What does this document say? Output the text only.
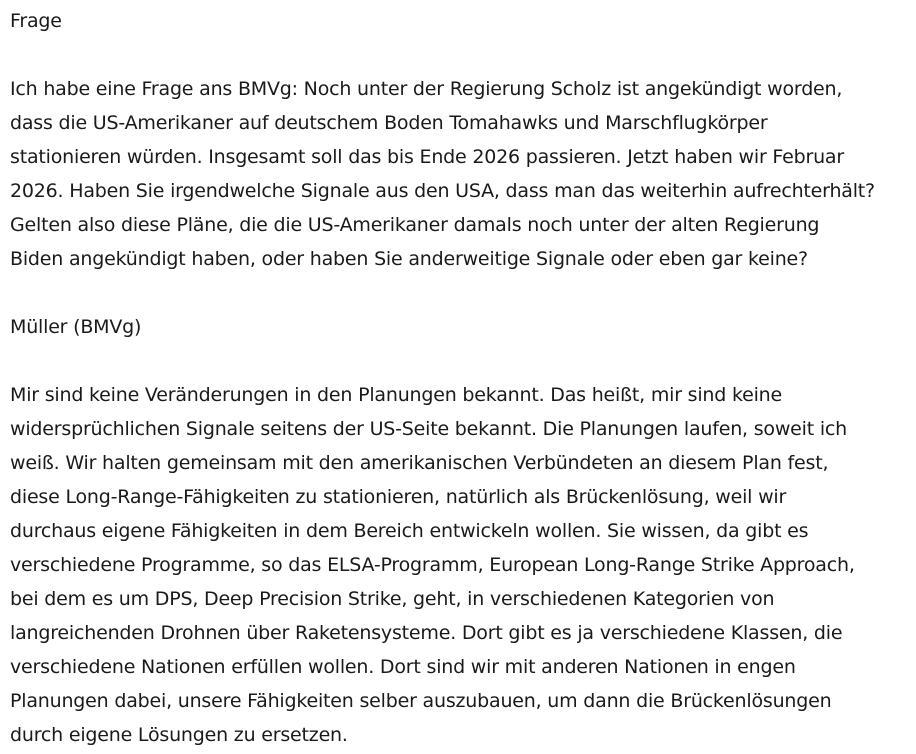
Frage

Ich habe eine Frage ans BMVg: Noch unter der Regierung Scholz ist angekündigt worden,

dass die US-Amerikaner auf deutschem Boden Tomahawks und Marschflugkörper

stationieren würden. Insgesamt soll das bis Ende 2026 passieren. Jetzt haben wir Februar

2026. Haben Sie irgendwelche Signale aus den USA, dass man das weiterhin aufrechterhält?

Gelten also diese Pläne, die die US-Amerikaner damals noch unter der alten Regierung

Biden angekündigt haben, oder haben Sie anderweitige Signale oder eben gar keine?

Müller (BMVg)

Mir sind keine Veränderungen in den Planungen bekannt. Das heißt, mir sind keine

widersprüchlichen Signale seitens der US-Seite bekannt. Die Planungen laufen, soweit ich

weiß. Wir halten gemeinsam mit den amerikanischen Verbündeten an diesem Plan fest,

diese Long-Range-Fähigkeiten zu stationieren, natürlich als Brückenlösung, weil wir

durchaus eigene Fähigkeiten in dem Bereich entwickeln wollen. Sie wissen, da gibt es

verschiedene Programme, so das ELSA-Programm, European Long-Range Strike Approach,

bei dem es um DPS, Deep Precision Strike, geht, in verschiedenen Kategorien von

langreichenden Drohnen über Raketensysteme. Dort gibt es ja verschiedene Klassen, die

verschiedene Nationen erfüllen wollen. Dort sind wir mit anderen Nationen in engen

Planungen dabei, unsere Fähigkeiten selber auszubauen, um dann die Brückenlösungen

durch eigene Lösungen zu ersetzen.
